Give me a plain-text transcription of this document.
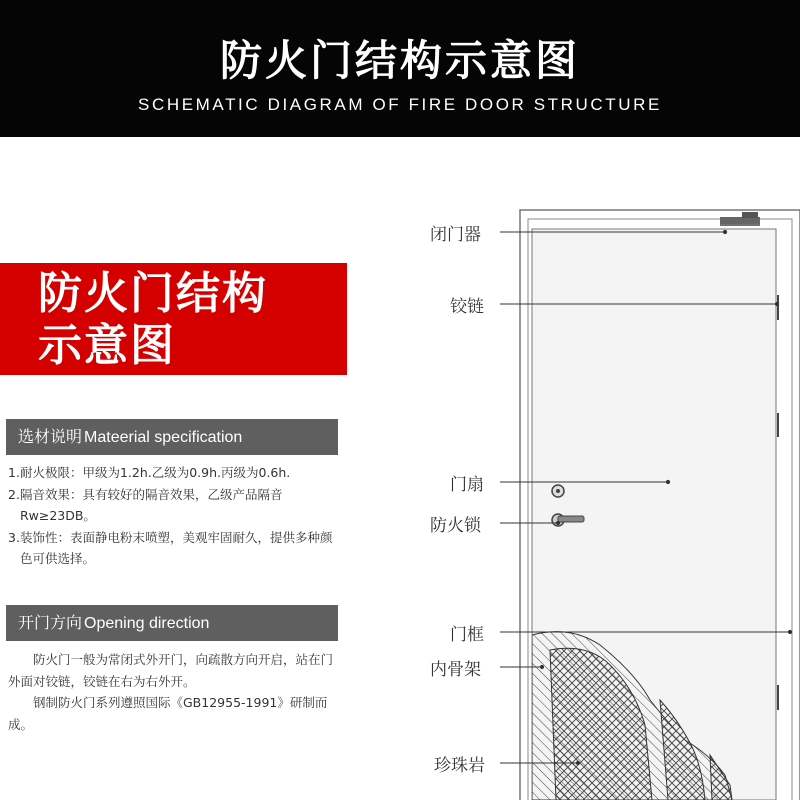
防火门结构示意图
SCHEMATIC DIAGRAM OF FIRE DOOR STRUCTURE
防火门结构
示意图
选材说明 Mateerial specification
1. 耐火极限：甲级为1.2h.乙级为0.9h.丙级为0.6h.
2. 隔音效果：具有较好的隔音效果，乙级产品隔音Rw≥23DB。
3. 装饰性：表面静电粉末喷塑，美观牢固耐久，提供多种颜色可供选择。
开门方向 Opening direction

防火门一般为常闭式外开门，向疏散方向开启，站在门外面对铰链，铰链在右为右外开。

钢制防火门系列遵照国际《GB12955-1991》研制而成。

闭门器
铰链
门扇
防火锁
门框
内骨架
珍珠岩
